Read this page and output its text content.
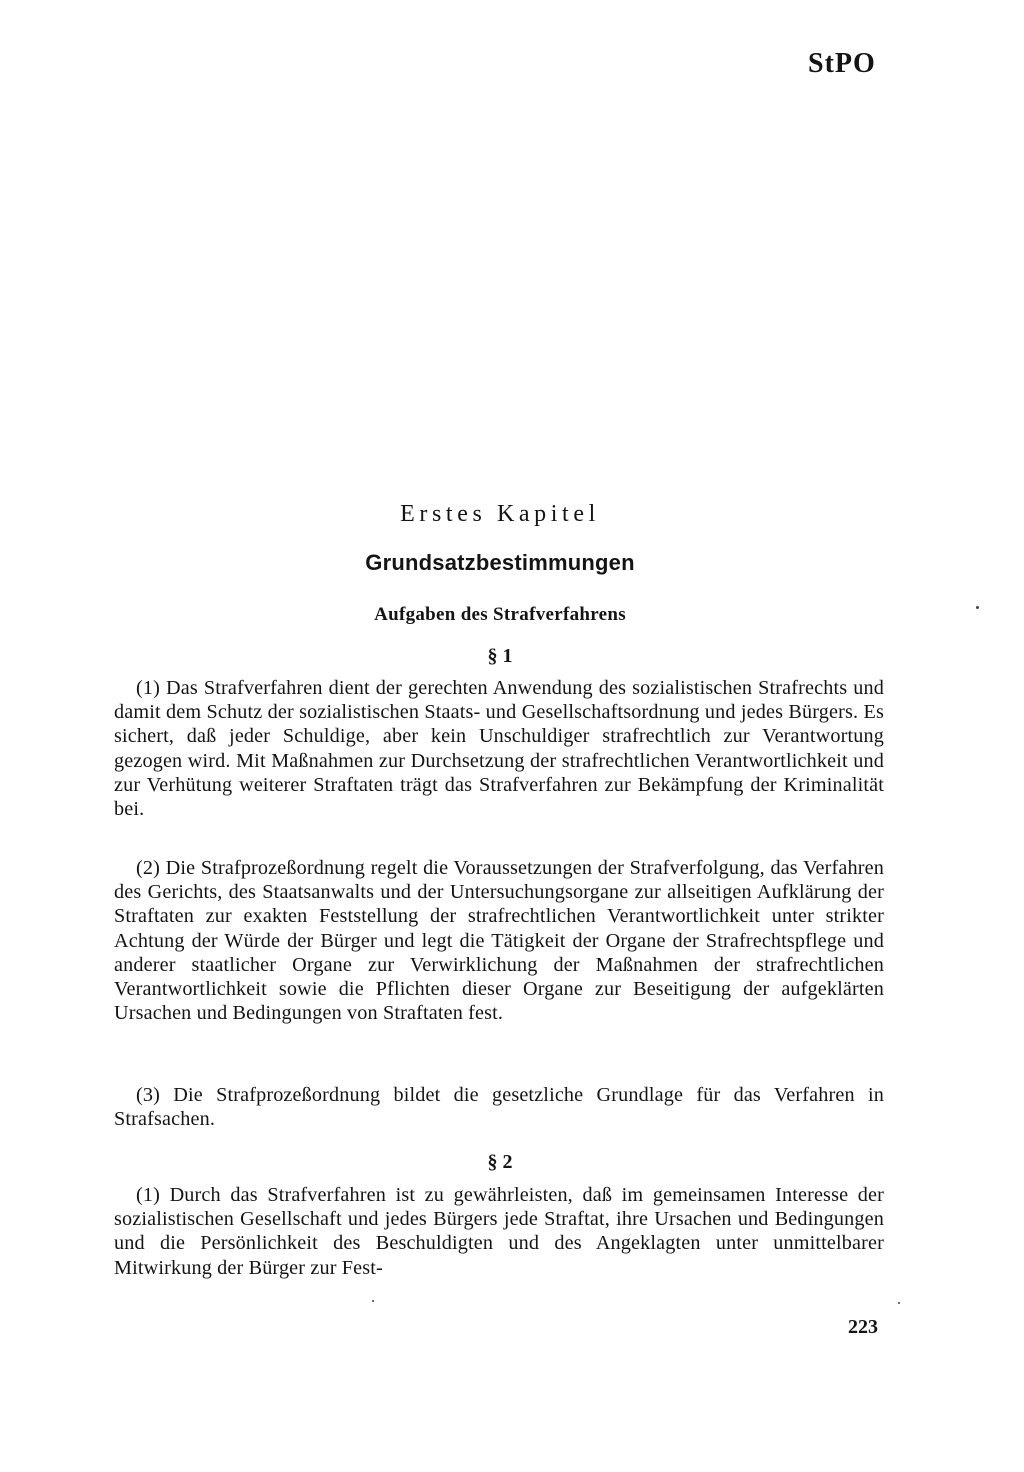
StPO
Erstes Kapitel
Grundsatzbestimmungen
Aufgaben des Strafverfahrens
§ 1

(1) Das Strafverfahren dient der gerechten Anwendung des sozialistischen Strafrechts und damit dem Schutz der sozialistischen Staats- und Gesellschaftsordnung und jedes Bürgers. Es sichert, daß jeder Schuldige, aber kein Unschuldiger strafrechtlich zur Verantwortung gezogen wird. Mit Maßnahmen zur Durchsetzung der strafrechtlichen Verantwortlichkeit und zur Verhütung weiterer Straftaten trägt das Strafverfahren zur Bekämpfung der Kriminalität bei.

(2) Die Strafprozeßordnung regelt die Voraussetzungen der Strafverfolgung, das Verfahren des Gerichts, des Staatsanwalts und der Untersuchungsorgane zur allseitigen Aufklärung der Straftaten zur exakten Feststellung der strafrechtlichen Verantwortlichkeit unter strikter Achtung der Würde der Bürger und legt die Tätigkeit der Organe der Strafrechtspflege und anderer staatlicher Organe zur Verwirklichung der Maßnahmen der strafrechtlichen Verantwortlichkeit sowie die Pflichten dieser Organe zur Beseitigung der aufgeklärten Ursachen und Bedingungen von Straftaten fest.

(3) Die Strafprozeßordnung bildet die gesetzliche Grundlage für das Verfahren in Strafsachen.

§ 2

(1) Durch das Strafverfahren ist zu gewährleisten, daß im gemeinsamen Interesse der sozialistischen Gesellschaft und jedes Bürgers jede Straftat, ihre Ursachen und Bedingungen und die Persönlichkeit des Beschuldigten und des Angeklagten unter unmittelbarer Mitwirkung der Bürger zur Fest-

223
